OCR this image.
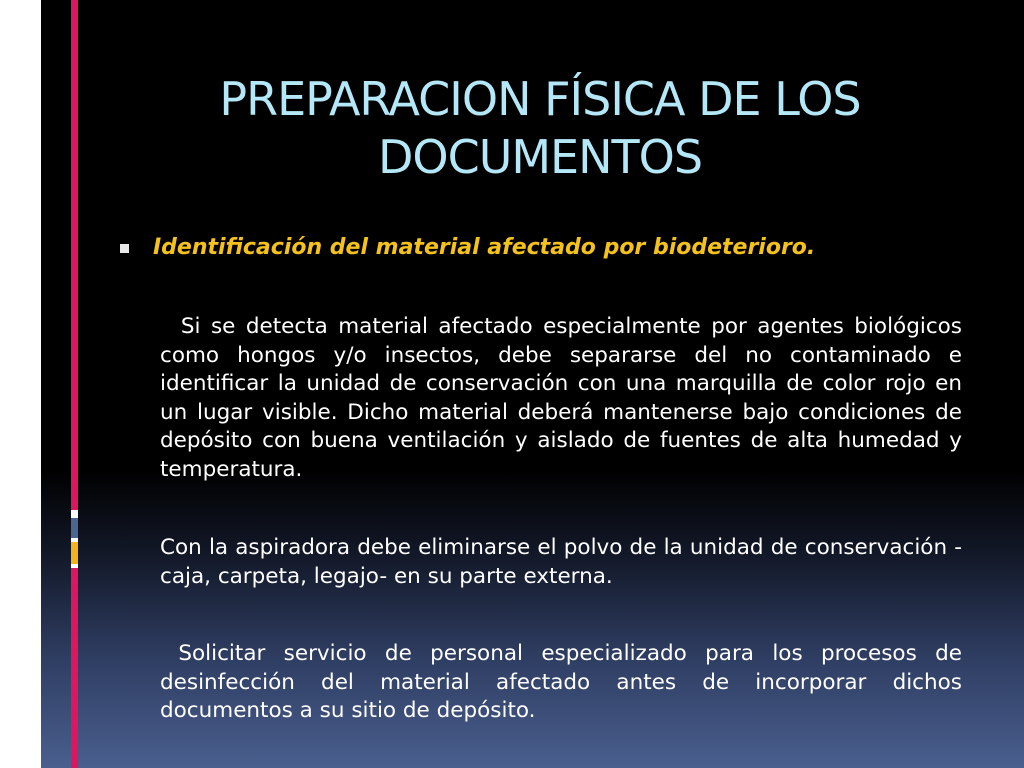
PREPARACION FÍSICA DE LOS DOCUMENTOS
Identificación del material afectado por biodeterioro.

Si se detecta material afectado especialmente por agentes biológicos como hongos y/o insectos, debe separarse del no contaminado e identificar la unidad de conservación con una marquilla de color rojo en un lugar visible. Dicho material deberá mantenerse bajo condiciones de depósito con buena ventilación y aislado de fuentes de alta humedad y temperatura.

Con la aspiradora debe eliminarse el polvo de la unidad de conservación -caja, carpeta, legajo- en su parte externa.

Solicitar servicio de personal especializado para los procesos de desinfección del material afectado antes de incorporar dichos documentos a su sitio de depósito.
